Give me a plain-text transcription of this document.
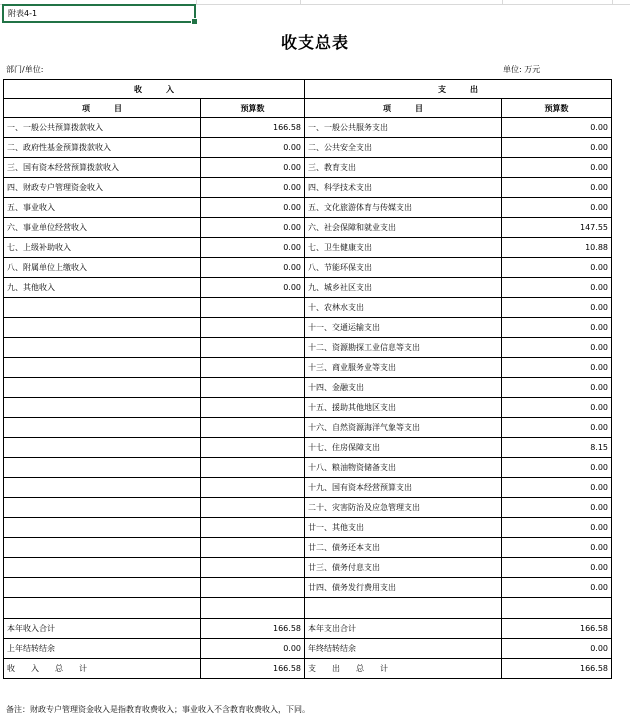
附表4-1
收支总表
部门/单位:	单位: 万元
收　　　入		支　　　出	
项　　　目	预算数	项　　　目	预算数
一、一般公共预算拨款收入	166.58	一、一般公共服务支出	0.00
二、政府性基金预算拨款收入	0.00	二、公共安全支出	0.00
三、国有资本经营预算拨款收入	0.00	三、教育支出	0.00
四、财政专户管理资金收入	0.00	四、科学技术支出	0.00
五、事业收入	0.00	五、文化旅游体育与传媒支出	0.00
六、事业单位经营收入	0.00	六、社会保障和就业支出	147.55
七、上级补助收入	0.00	七、卫生健康支出	10.88
八、附属单位上缴收入	0.00	八、节能环保支出	0.00
九、其他收入	0.00	九、城乡社区支出	0.00
		十、农林水支出	0.00
		十一、交通运输支出	0.00
		十二、资源勘探工业信息等支出	0.00
		十三、商业服务业等支出	0.00
		十四、金融支出	0.00
		十五、援助其他地区支出	0.00
		十六、自然资源海洋气象等支出	0.00
		十七、住房保障支出	8.15
		十八、粮油物资储备支出	0.00
		十九、国有资本经营预算支出	0.00
		二十、灾害防治及应急管理支出	0.00
		廿一、其他支出	0.00
		廿二、债务还本支出	0.00
		廿三、债务付息支出	0.00
		廿四、债务发行费用支出	0.00

本年收入合计	166.58	本年支出合计	166.58
上年结转结余	0.00	年终结转结余	0.00
收　　入　　总　　计	166.58	支　　出　　总　　计	166.58
备注：财政专户管理资金收入是指教育收费收入；事业收入不含教育收费收入，下同。
